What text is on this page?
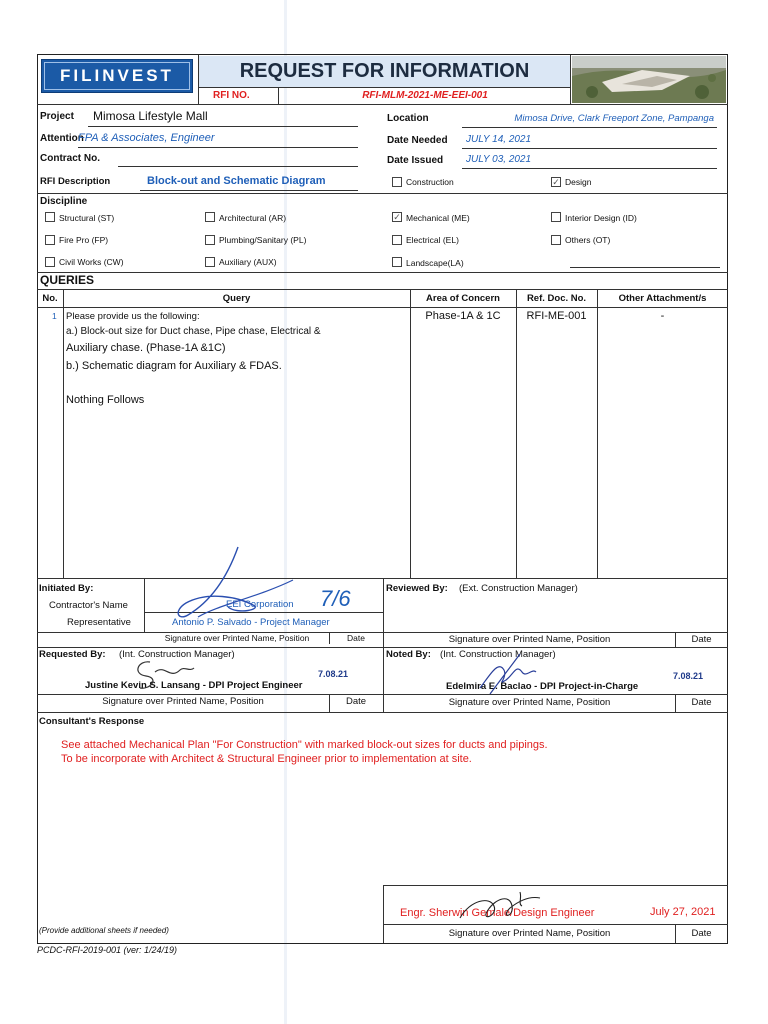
FILINVEST	REQUEST FOR INFORMATION
RFI NO.	RFI-MLM-2021-ME-EEI-001
Project Mimosa Lifestyle Mall
Attention
FPA & Associates, Engineer
Contract No.
RFI Description	Block-out and Schematic Diagram
Location	Mimosa Drive, Clark Freeport Zone, Pampanga
Date Needed JULY 14, 2021
Date Issued JULY 03, 2021
Construction	✓ Design
Discipline
Structural (ST)	Architectural (AR)	✓ Mechanical (ME)	Interior Design (ID)
Fire Pro (FP)	Plumbing/Sanitary (PL)	Electrical (EL)	Others (OT)
Civil Works (CW)	Auxiliary (AUX)	Landscape(LA)
QUERIES
No.	Query	Area of Concern	Ref. Doc. No.	Other Attachment/s
1 Please provide us the following:
a.) Block-out size for Duct chase, Pipe chase, Electrical &
Auxiliary chase. (Phase-1A &1C)
b.) Schematic diagram for Auxiliary & FDAS.
Nothing Follows
Phase-1A & 1C	RFI-ME-001	-
Initiated By:
Contractor's Name	EEI Corporation
Representative	Antonio P. Salvado - Project Manager
7/6
Signature over Printed Name, Position	Date
Reviewed By: (Ext. Construction Manager)
Signature over Printed Name, Position	Date
Requested By: (Int. Construction Manager)
Justine Kevin S. Lansang - DPI Project Engineer
7.08.21
Noted By: (Int. Construction Manager)
Edelmira E. Baclao - DPI Project-in-Charge
7.08.21
Signature over Printed Name, Position	Date	Signature over Printed Name, Position	Date
Consultant's Response
See attached Mechanical Plan "For Construction" with marked block-out sizes for ducts and pipings.
To be incorporate with Architect & Structural Engineer prior to implementation at site.
Engr. Sherwin Gemale/Design Engineer	July 27, 2021
Signature over Printed Name, Position	Date
(Provide additional sheets if needed)
PCDC-RFI-2019-001 (ver: 1/24/19)
